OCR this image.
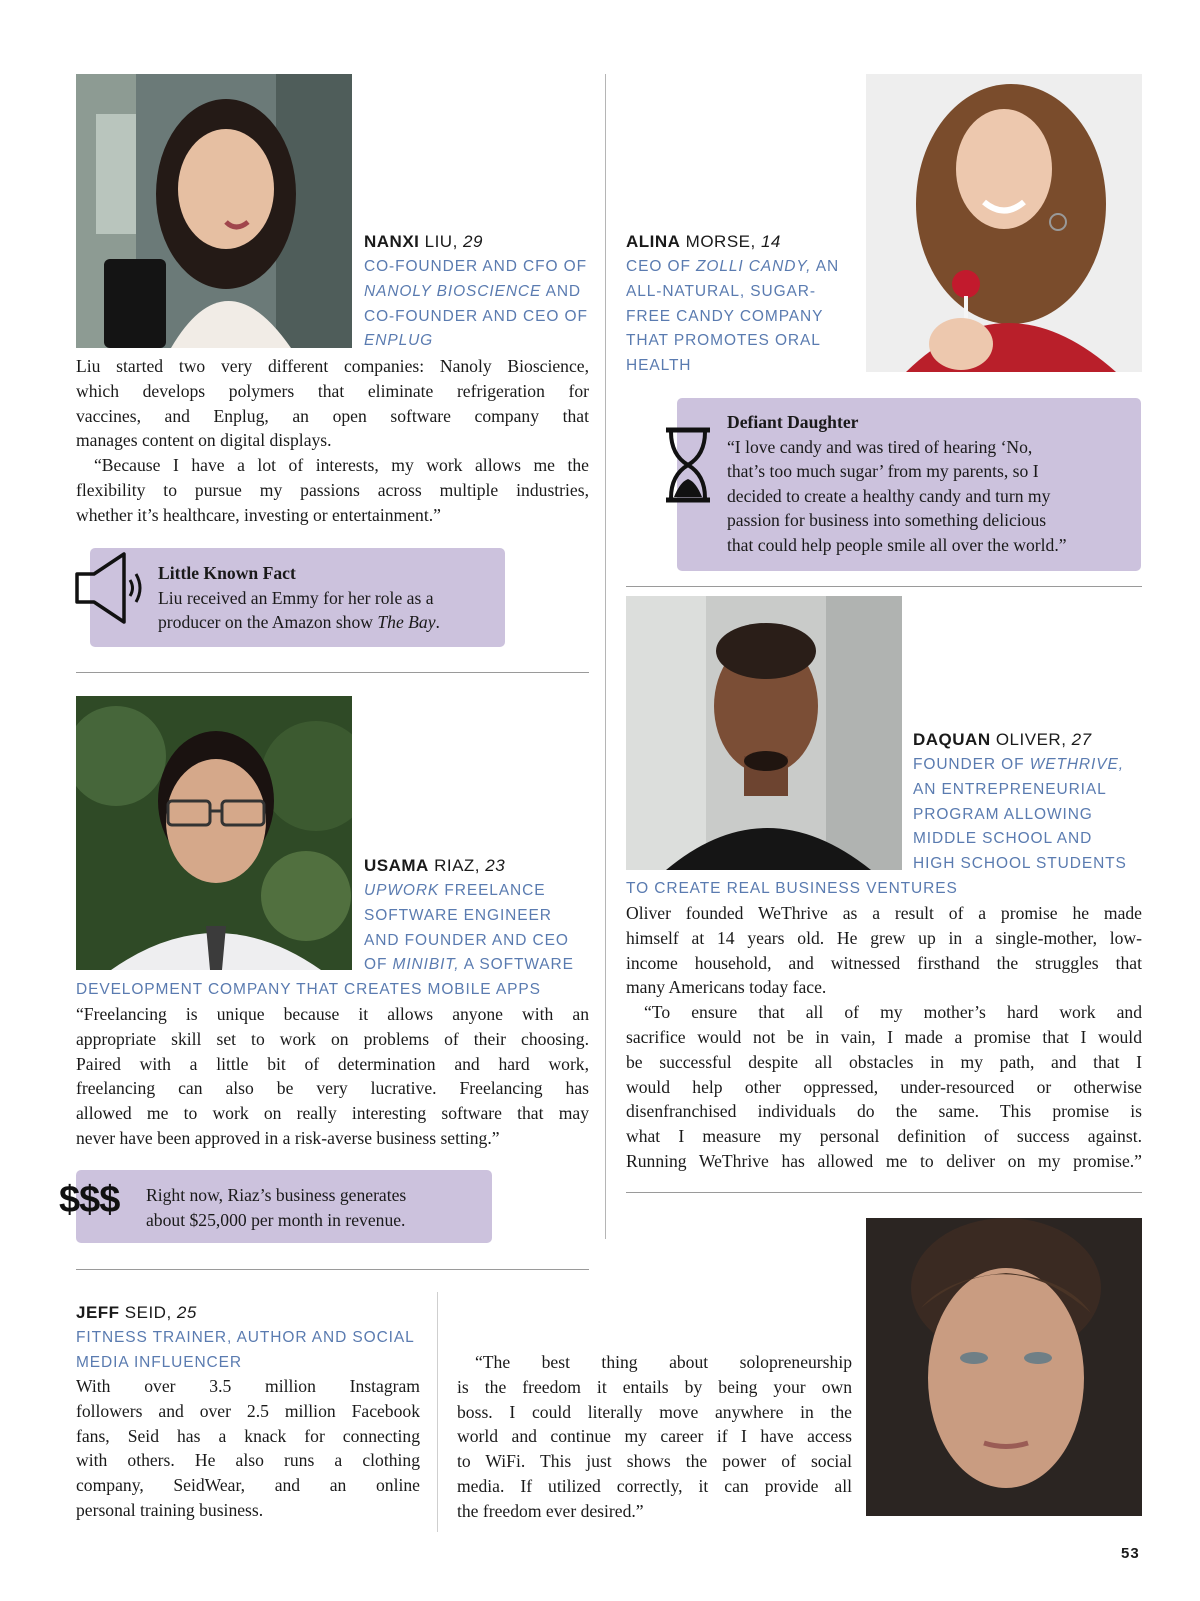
NANXI LIU, 29
CO-FOUNDER AND CFO OF
NANOLY BIOSCIENCE AND
CO-FOUNDER AND CEO OF
ENPLUG
Liu started two very different companies: Nanoly Bioscience,
which develops polymers that eliminate refrigeration for
vaccines, and Enplug, an open software company that
manages content on digital displays.
“Because I have a lot of interests, my work allows me the
flexibility to pursue my passions across multiple industries,
whether it’s healthcare, investing or entertainment.”
Little Known Fact
Liu received an Emmy for her role as a
producer on the Amazon show The Bay.
ALINA MORSE, 14
CEO OF ZOLLI CANDY, AN
ALL-NATURAL, SUGAR-
FREE CANDY COMPANY
THAT PROMOTES ORAL
HEALTH
Defiant Daughter
“I love candy and was tired of hearing ‘No,
that’s too much sugar’ from my parents, so I
decided to create a healthy candy and turn my
passion for business into something delicious
that could help people smile all over the world.”
DAQUAN OLIVER, 27
FOUNDER OF WETHRIVE,
AN ENTREPRENEURIAL
PROGRAM ALLOWING
MIDDLE SCHOOL AND
HIGH SCHOOL STUDENTS
TO CREATE REAL BUSINESS VENTURES
Oliver founded WeThrive as a result of a promise he made
himself at 14 years old. He grew up in a single-mother, low-
income household, and witnessed firsthand the struggles that
many Americans today face.
“To ensure that all of my mother’s hard work and
sacrifice would not be in vain, I made a promise that I would
be successful despite all obstacles in my path, and that I
would help other oppressed, under-resourced or otherwise
disenfranchised individuals do the same. This promise is
what I measure my personal definition of success against.
Running WeThrive has allowed me to deliver on my promise.”
USAMA RIAZ, 23
UPWORK FREELANCE
SOFTWARE ENGINEER
AND FOUNDER AND CEO
OF MINIBIT, A SOFTWARE
DEVELOPMENT COMPANY THAT CREATES MOBILE APPS
“Freelancing is unique because it allows anyone with an
appropriate skill set to work on problems of their choosing.
Paired with a little bit of determination and hard work,
freelancing can also be very lucrative. Freelancing has
allowed me to work on really interesting software that may
never have been approved in a risk-averse business setting.”
$$$ Right now, Riaz’s business generates
about $25,000 per month in revenue.
JEFF SEID, 25
FITNESS TRAINER, AUTHOR AND SOCIAL
MEDIA INFLUENCER
With over 3.5 million Instagram
followers and over 2.5 million Facebook
fans, Seid has a knack for connecting
with others. He also runs a clothing
company, SeidWear, and an online
personal training business.
“The best thing about solopreneurship
is the freedom it entails by being your own
boss. I could literally move anywhere in the
world and continue my career if I have access
to WiFi. This just shows the power of social
media. If utilized correctly, it can provide all
the freedom ever desired.”
53
